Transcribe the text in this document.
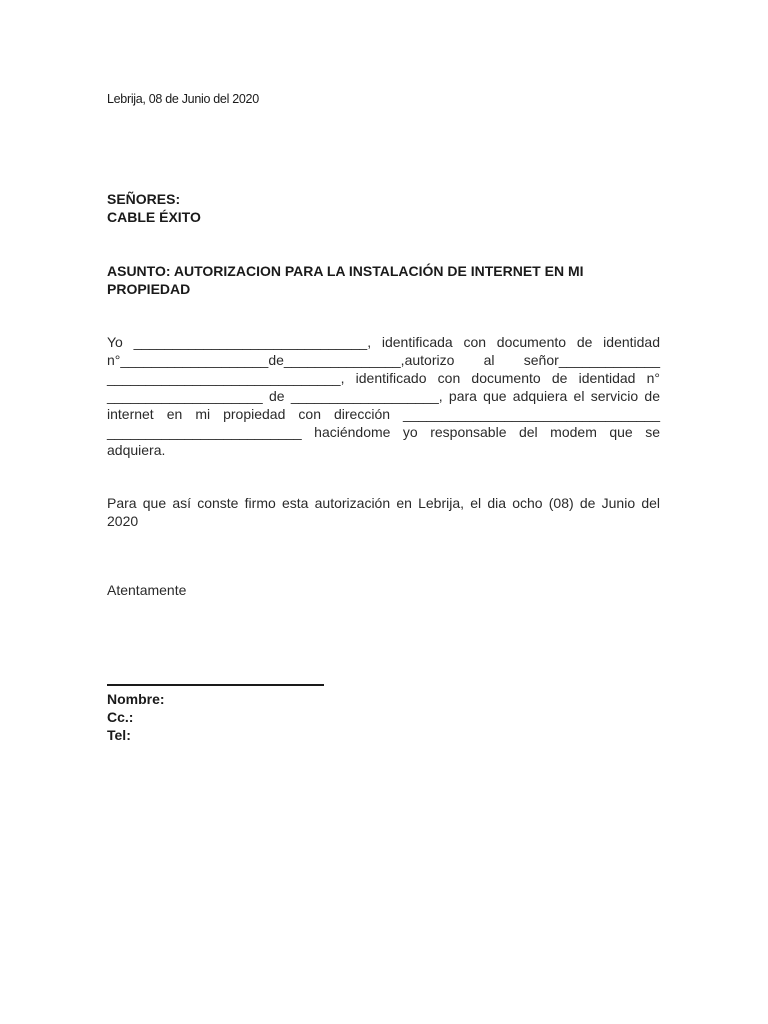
Lebrija, 08 de Junio del 2020
SEÑORES:
CABLE ÉXITO
ASUNTO: AUTORIZACION PARA LA INSTALACIÓN DE INTERNET EN MI PROPIEDAD
Yo ______________________________, identificada con documento de identidad n°___________________de_______________,autorizo al señor_____________ ______________________________, identificado con documento de identidad n° ____________________ de ___________________, para que adquiera el servicio de internet en mi propiedad con dirección _________________________________ _________________________ haciéndome yo responsable del modem que se adquiera.
Para que así conste firmo esta autorización en Lebrija, el dia ocho (08) de Junio del 2020
Atentamente
Nombre:
Cc.:
Tel:
